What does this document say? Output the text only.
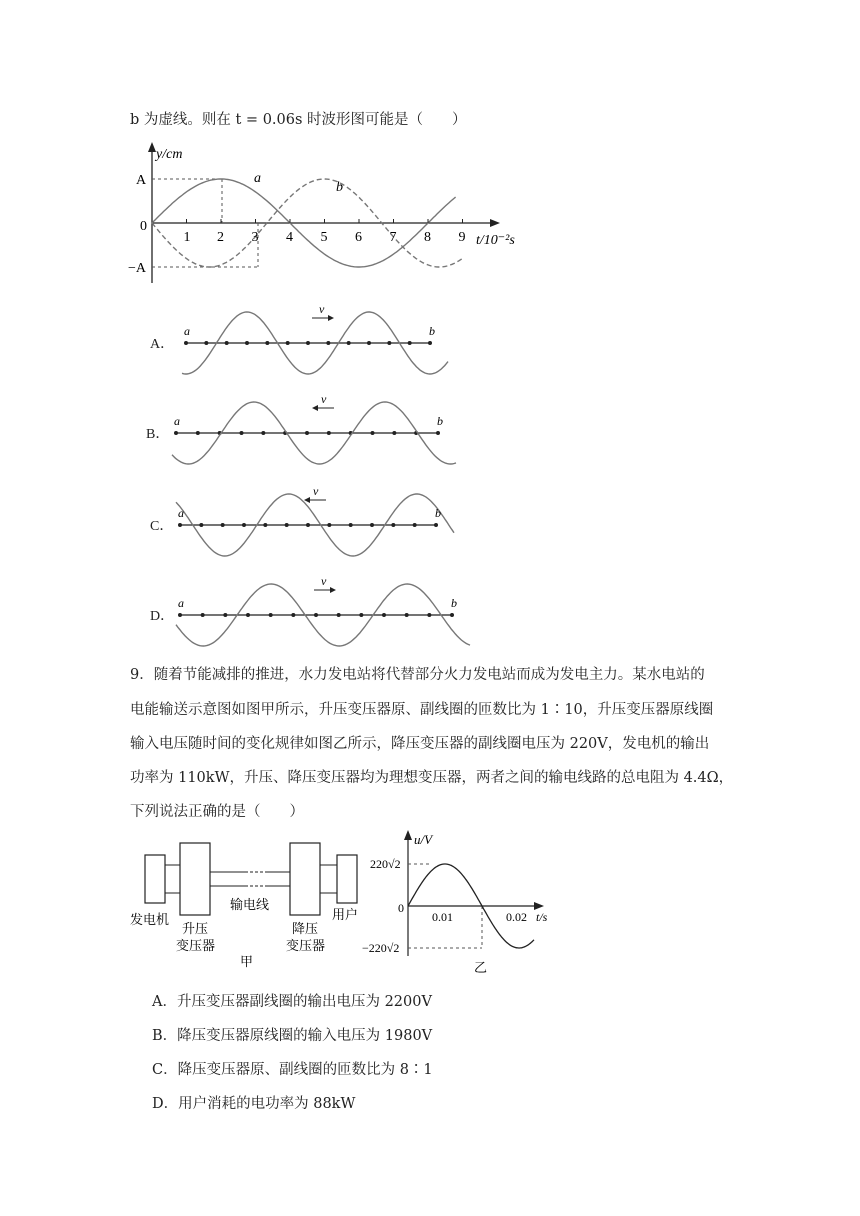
b 为虚线。则在 t = 0.06s 时波形图可能是（　　）
1 2 3 4 5 6 7 8 9
y/cm
A
−A
0
t/10⁻²s
a
b
A．
a	b
v
B．
a	b
v
C．
a	b
v
D．
a	b
v
9．随着节能减排的推进，水力发电站将代替部分火力发电站而成为发电主力。某水电站的
电能输送示意图如图甲所示，升压变压器原、副线圈的匝数比为 1∶10，升压变压器原线圈
输入电压随时间的变化规律如图乙所示，降压变压器的副线圈电压为 220V，发电机的输出
功率为 110kW，升压、降压变压器均为理想变压器，两者之间的输电线路的总电阻为 4.4Ω，
下列说法正确的是（　　）
发电机
升压
变压器
输电线
降压
变压器
用户
甲
u/V
220√2
−220√2
0
0.01	0.02 t/s
乙
A．升压变压器副线圈的输出电压为 2200V
B．降压变压器原线圈的输入电压为 1980V
C．降压变压器原、副线圈的匝数比为 8∶1
D．用户消耗的电功率为 88kW
